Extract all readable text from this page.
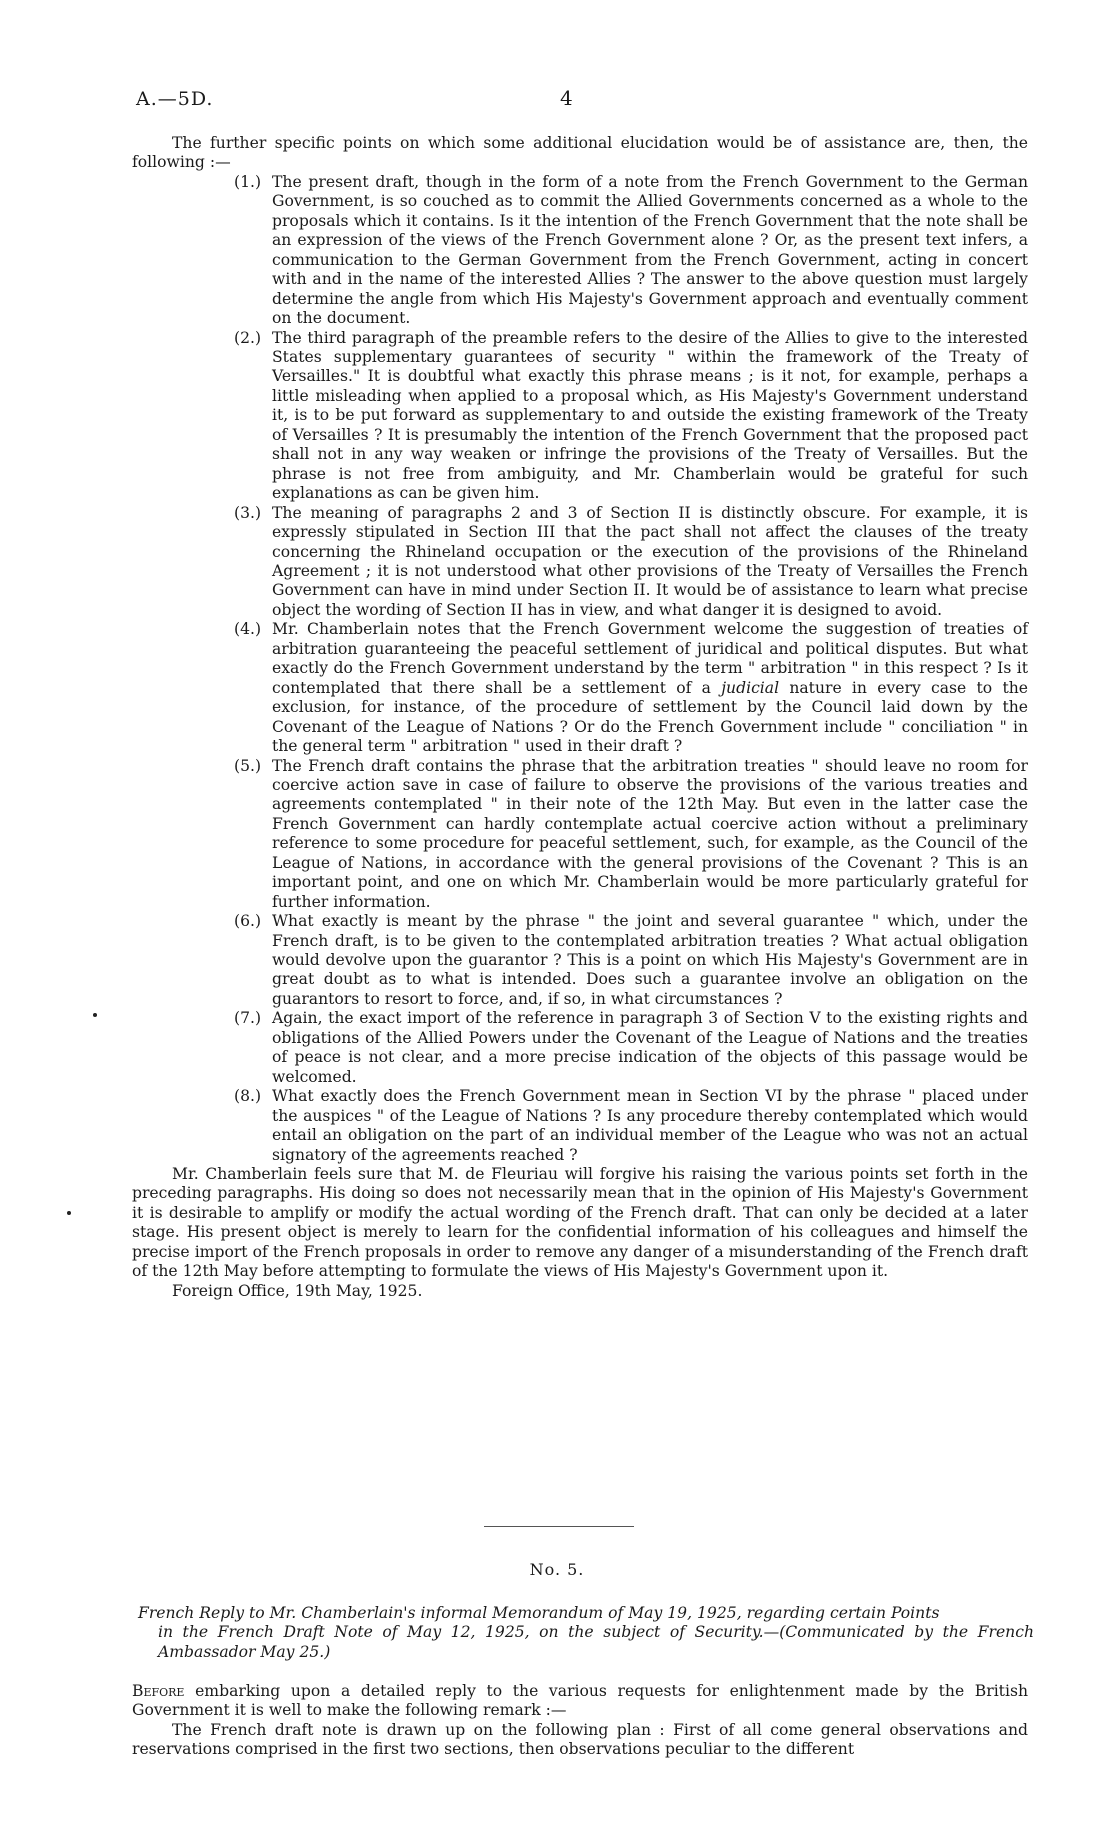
A.—5D.	4

The further specific points on which some additional elucidation would be of assistance are, then, the following :—

(1.) The present draft, though in the form of a note from the French Government to the German Government, is so couched as to commit the Allied Governments concerned as a whole to the proposals which it contains. Is it the intention of the French Government that the note shall be an expression of the views of the French Government alone ? Or, as the present text infers, a communication to the German Government from the French Government, acting in concert with and in the name of the interested Allies ? The answer to the above question must largely determine the angle from which His Majesty's Government approach and eventually comment on the document.
(2.) The third paragraph of the preamble refers to the desire of the Allies to give to the interested States supplementary guarantees of security " within the framework of the Treaty of Versailles." It is doubtful what exactly this phrase means ; is it not, for example, perhaps a little misleading when applied to a proposal which, as His Majesty's Government understand it, is to be put forward as supplementary to and outside the existing framework of the Treaty of Versailles ? It is presumably the intention of the French Government that the proposed pact shall not in any way weaken or infringe the provisions of the Treaty of Versailles. But the phrase is not free from ambiguity, and Mr. Chamberlain would be grateful for such explanations as can be given him.
(3.) The meaning of paragraphs 2 and 3 of Section II is distinctly obscure. For example, it is expressly stipulated in Section III that the pact shall not affect the clauses of the treaty concerning the Rhineland occupation or the execution of the provisions of the Rhineland Agreement ; it is not understood what other provisions of the Treaty of Versailles the French Government can have in mind under Section II. It would be of assistance to learn what precise object the wording of Section II has in view, and what danger it is designed to avoid.
(4.) Mr. Chamberlain notes that the French Government welcome the suggestion of treaties of arbitration guaranteeing the peaceful settlement of juridical and political disputes. But what exactly do the French Government understand by the term " arbitration " in this respect ? Is it contemplated that there shall be a settlement of a judicial nature in every case to the exclusion, for instance, of the procedure of settlement by the Council laid down by the Covenant of the League of Nations ? Or do the French Government include " conciliation " in the general term " arbitration " used in their draft ?
(5.) The French draft contains the phrase that the arbitration treaties " should leave no room for coercive action save in case of failure to observe the provisions of the various treaties and agreements contemplated " in their note of the 12th May. But even in the latter case the French Government can hardly contemplate actual coercive action without a preliminary reference to some procedure for peaceful settlement, such, for example, as the Council of the League of Nations, in accordance with the general provisions of the Covenant ? This is an important point, and one on which Mr. Chamberlain would be more particularly grateful for further information.
(6.) What exactly is meant by the phrase " the joint and several guarantee " which, under the French draft, is to be given to the contemplated arbitration treaties ? What actual obligation would devolve upon the guarantor ? This is a point on which His Majesty's Government are in great doubt as to what is intended. Does such a guarantee involve an obligation on the guarantors to resort to force, and, if so, in what circumstances ?
(7.) Again, the exact import of the reference in paragraph 3 of Section V to the existing rights and obligations of the Allied Powers under the Covenant of the League of Nations and the treaties of peace is not clear, and a more precise indication of the objects of this passage would be welcomed.
(8.) What exactly does the French Government mean in Section VI by the phrase " placed under the auspices " of the League of Nations ? Is any procedure thereby contemplated which would entail an obligation on the part of an individual member of the League who was not an actual signatory of the agreements reached ?

Mr. Chamberlain feels sure that M. de Fleuriau will forgive his raising the various points set forth in the preceding paragraphs. His doing so does not necessarily mean that in the opinion of His Majesty's Government it is desirable to amplify or modify the actual wording of the French draft. That can only be decided at a later stage. His present object is merely to learn for the confidential information of his colleagues and himself the precise import of the French proposals in order to remove any danger of a misunderstanding of the French draft of the 12th May before attempting to formulate the views of His Majesty's Government upon it.

Foreign Office, 19th May, 1925.

No. 5.
French Reply to Mr. Chamberlain's informal Memorandum of May 19, 1925, regarding certain Points
in the French Draft Note of May 12, 1925, on the subject of Security.—(Communicated by the French Ambassador May 25.)

Before embarking upon a detailed reply to the various requests for enlightenment made by the British Government it is well to make the following remark :—

The French draft note is drawn up on the following plan : First of all come general observations and reservations comprised in the first two sections, then observations peculiar to the different
